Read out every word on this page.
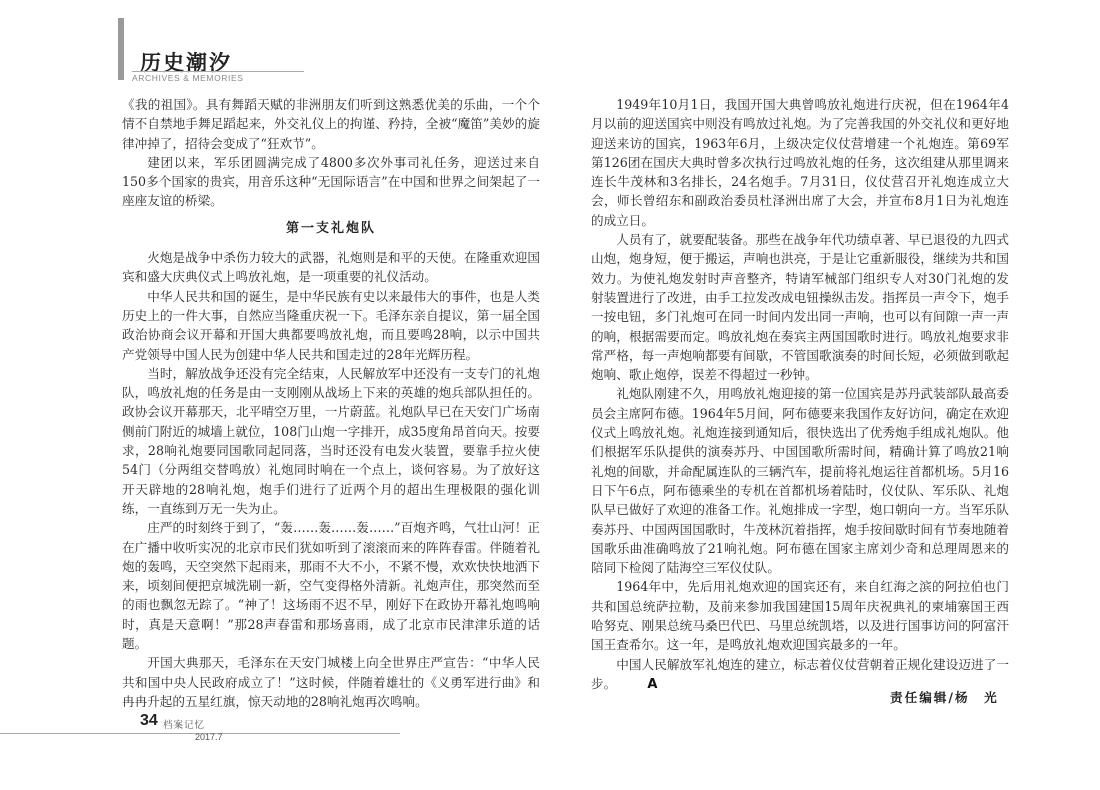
历史潮汐
ARCHIVES & MEMORIES

《我的祖国》。具有舞蹈天赋的非洲朋友们听到这熟悉优美的乐曲，一个个情不自禁地手舞足蹈起来，外交礼仪上的拘谨、矜持，全被“魔笛”美妙的旋律冲掉了，招待会变成了“狂欢节”。

建团以来，军乐团圆满完成了4800多次外事司礼任务，迎送过来自150多个国家的贵宾，用音乐这种“无国际语言”在中国和世界之间架起了一座座友谊的桥梁。

第一支礼炮队

火炮是战争中杀伤力较大的武器，礼炮则是和平的天使。在隆重欢迎国宾和盛大庆典仪式上鸣放礼炮，是一项重要的礼仪活动。

中华人民共和国的诞生，是中华民族有史以来最伟大的事件，也是人类历史上的一件大事，自然应当隆重庆祝一下。毛泽东亲自提议，第一届全国政治协商会议开幕和开国大典都要鸣放礼炮，而且要鸣28响，以示中国共产党领导中国人民为创建中华人民共和国走过的28年光辉历程。

当时，解放战争还没有完全结束，人民解放军中还没有一支专门的礼炮队，鸣放礼炮的任务是由一支刚刚从战场上下来的英雄的炮兵部队担任的。政协会议开幕那天，北平晴空万里，一片蔚蓝。礼炮队早已在天安门广场南侧前门附近的城墙上就位，108门山炮一字排开，成35度角昂首向天。按要求，28响礼炮要同国歌同起同落，当时还没有电发火装置，要靠手拉火使54门（分两组交替鸣放）礼炮同时响在一个点上，谈何容易。为了放好这开天辟地的28响礼炮，炮手们进行了近两个月的超出生理极限的强化训练，一直练到万无一失为止。

庄严的时刻终于到了，“轰……轰……轰……”百炮齐鸣，气壮山河！正在广播中收听实况的北京市民们犹如听到了滚滚而来的阵阵春雷。伴随着礼炮的轰鸣，天空突然下起雨来，那雨不大不小，不紧不慢，欢欢快快地洒下来，顷刻间便把京城洗刷一新，空气变得格外清新。礼炮声住，那突然而至的雨也飘忽无踪了。“神了！这场雨不迟不早，刚好下在政协开幕礼炮鸣响时，真是天意啊！”那28声春雷和那场喜雨，成了北京市民津津乐道的话题。

开国大典那天，毛泽东在天安门城楼上向全世界庄严宣告：“中华人民共和国中央人民政府成立了！”这时候，伴随着雄壮的《义勇军进行曲》和冉冉升起的五星红旗，惊天动地的28响礼炮再次鸣响。

1949年10月1日，我国开国大典曾鸣放礼炮进行庆祝，但在1964年4月以前的迎送国宾中则没有鸣放过礼炮。为了完善我国的外交礼仪和更好地迎送来访的国宾，1963年6月，上级决定仪仗营增建一个礼炮连。第69军第126团在国庆大典时曾多次执行过鸣放礼炮的任务，这次组建从那里调来连长牛茂林和3名排长，24名炮手。7月31日，仪仗营召开礼炮连成立大会，师长曾绍东和副政治委员杜泽洲出席了大会，并宣布8月1日为礼炮连的成立日。

人员有了，就要配装备。那些在战争年代功绩卓著、早已退役的九四式山炮，炮身短，便于搬运，声响也洪亮，于是让它重新服役，继续为共和国效力。为使礼炮发射时声音整齐，特请军械部门组织专人对30门礼炮的发射装置进行了改进，由手工拉发改成电钮操纵击发。指挥员一声令下，炮手一按电钮，多门礼炮可在同一时间内发出同一声响，也可以有间隙一声一声的响，根据需要而定。鸣放礼炮在奏宾主两国国歌时进行。鸣放礼炮要求非常严格，每一声炮响都要有间歇，不管国歌演奏的时间长短，必须做到歌起炮响、歌止炮停，误差不得超过一秒钟。

礼炮队刚建不久，用鸣放礼炮迎接的第一位国宾是苏丹武装部队最高委员会主席阿布德。1964年5月间，阿布德要来我国作友好访问，确定在欢迎仪式上鸣放礼炮。礼炮连接到通知后，很快选出了优秀炮手组成礼炮队。他们根据军乐队提供的演奏苏丹、中国国歌所需时间，精确计算了鸣放21响礼炮的间歇，并命配属连队的三辆汽车，提前将礼炮运往首都机场。5月16日下午6点，阿布德乘坐的专机在首都机场着陆时，仪仗队、军乐队、礼炮队早已做好了欢迎的准备工作。礼炮排成一字型，炮口朝向一方。当军乐队奏苏丹、中国两国国歌时，牛茂林沉着指挥，炮手按间歇时间有节奏地随着国歌乐曲准确鸣放了21响礼炮。阿布德在国家主席刘少奇和总理周恩来的陪同下检阅了陆海空三军仪仗队。

1964年中，先后用礼炮欢迎的国宾还有，来自红海之滨的阿拉伯也门共和国总统萨拉勒，及前来参加我国建国15周年庆祝典礼的柬埔寨国王西哈努克、刚果总统马桑巴代巴、马里总统凯塔，以及进行国事访问的阿富汗国王查希尔。这一年，是鸣放礼炮欢迎国宾最多的一年。

中国人民解放军礼炮连的建立，标志着仪仗营朝着正规化建设迈进了一步。 A

责任编辑/杨　光
34 档案记忆
2017.7
